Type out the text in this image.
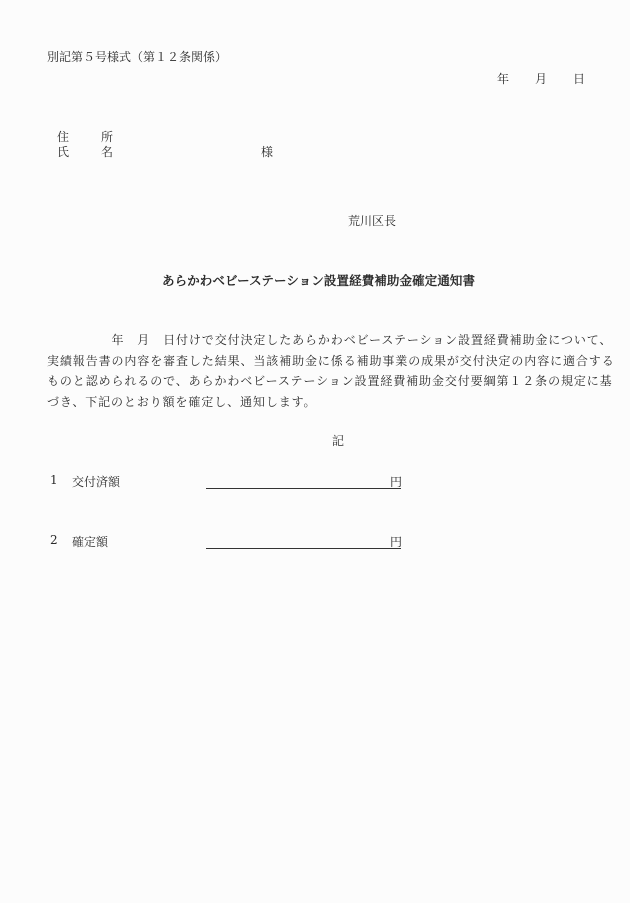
別記第５号様式（第１２条関係）
年 月 日
住	所
氏	名	様
荒川区長
あらかわベビーステーション設置経費補助金確定通知書
　　　　　年　月　日付けで交付決定したあらかわベビーステーション設置経費補助金について、
実績報告書の内容を審査した結果、当該補助金に係る補助事業の成果が交付決定の内容に適合する
ものと認められるので、あらかわベビーステーション設置経費補助金交付要綱第１２条の規定に基
づき、下記のとおり額を確定し、通知します。
記
1 交付済額	円
2 確定額	円
